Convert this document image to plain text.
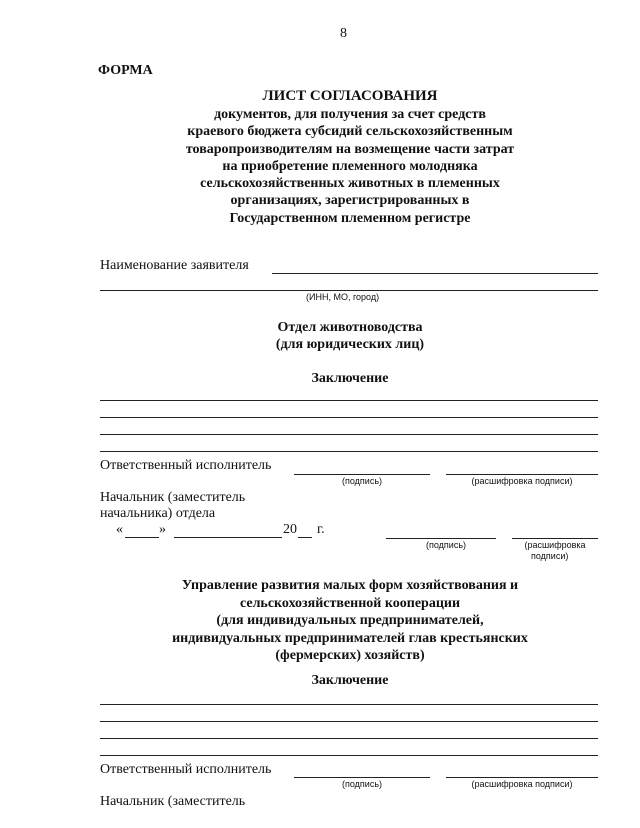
8
ФОРМА
ЛИСТ СОГЛАСОВАНИЯ
документов, для получения за счет средств
краевого бюджета субсидий сельскохозяйственным
товаропроизводителям на возмещение части затрат
на приобретение племенного молодняка
сельскохозяйственных животных в племенных
организациях, зарегистрированных в
Государственном племенном регистре
Наименование заявителя
(ИНН, МО, город)
Отдел животноводства
(для юридических лиц)
Заключение
Ответственный исполнитель
(подпись)	(расшифровка подписи)
Начальник (заместитель
начальника) отдела
«	»	20 г.
(подпись)	(расшифровка
подписи)
Управление развития малых форм хозяйствования и
сельскохозяйственной кооперации
(для индивидуальных предпринимателей,
индивидуальных предпринимателей глав крестьянских
(фермерских) хозяйств)
Заключение
Ответственный исполнитель
(подпись)	(расшифровка подписи)
Начальник (заместитель
